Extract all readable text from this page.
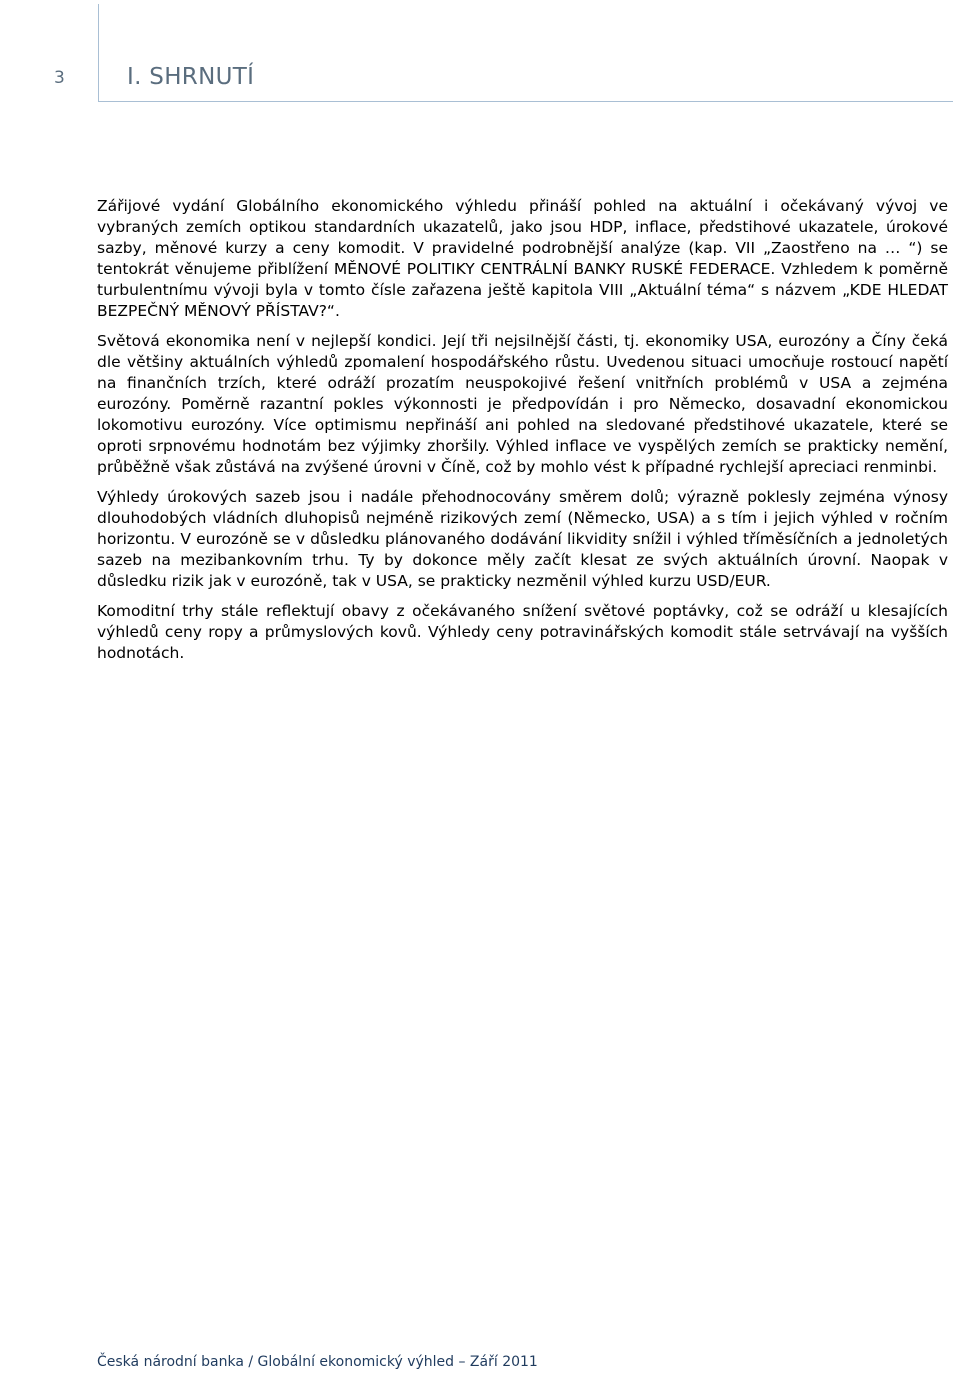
3	I. SHRNUTÍ

Zářijové vydání Globálního ekonomického výhledu přináší pohled na aktuální i očekávaný vývoj ve vybraných zemích optikou standardních ukazatelů, jako jsou HDP, inflace, předstihové ukazatele, úrokové sazby, měnové kurzy a ceny komodit. V pravidelné podrobnější analýze (kap. VII „Zaostřeno na … “) se tentokrát věnujeme přiblížení MĚNOVÉ POLITIKY CENTRÁLNÍ BANKY RUSKÉ FEDERACE. Vzhledem k poměrně turbulentnímu vývoji byla v tomto čísle zařazena ještě kapitola VIII „Aktuální téma“ s názvem „KDE HLEDAT BEZPEČNÝ MĚNOVÝ PŘÍSTAV?“.

Světová ekonomika není v nejlepší kondici. Její tři nejsilnější části, tj. ekonomiky USA, eurozóny a Číny čeká dle většiny aktuálních výhledů zpomalení hospodářského růstu. Uvedenou situaci umocňuje rostoucí napětí na finančních trzích, které odráží prozatím neuspokojivé řešení vnitřních problémů v USA a zejména eurozóny. Poměrně razantní pokles výkonnosti je předpovídán i pro Německo, dosavadní ekonomickou lokomotivu eurozóny. Více optimismu nepřináší ani pohled na sledované předstihové ukazatele, které se oproti srpnovému hodnotám bez výjimky zhoršily. Výhled inflace ve vyspělých zemích se prakticky nemění, průběžně však zůstává na zvýšené úrovni v Číně, což by mohlo vést k případné rychlejší apreciaci renminbi.

Výhledy úrokových sazeb jsou i nadále přehodnocovány směrem dolů; výrazně poklesly zejména výnosy dlouhodobých vládních dluhopisů nejméně rizikových zemí (Německo, USA) a s tím i jejich výhled v ročním horizontu. V eurozóně se v důsledku plánovaného dodávání likvidity snížil i výhled tříměsíčních a jednoletých sazeb na mezibankovním trhu. Ty by dokonce měly začít klesat ze svých aktuálních úrovní. Naopak v důsledku rizik jak v eurozóně, tak v USA, se prakticky nezměnil výhled kurzu USD/EUR.

Komoditní trhy stále reflektují obavy z očekávaného snížení světové poptávky, což se odráží u klesajících výhledů ceny ropy a průmyslových kovů. Výhledy ceny potravinářských komodit stále setrvávají na vyšších hodnotách.

Česká národní banka / Globální ekonomický výhled – Září 2011
